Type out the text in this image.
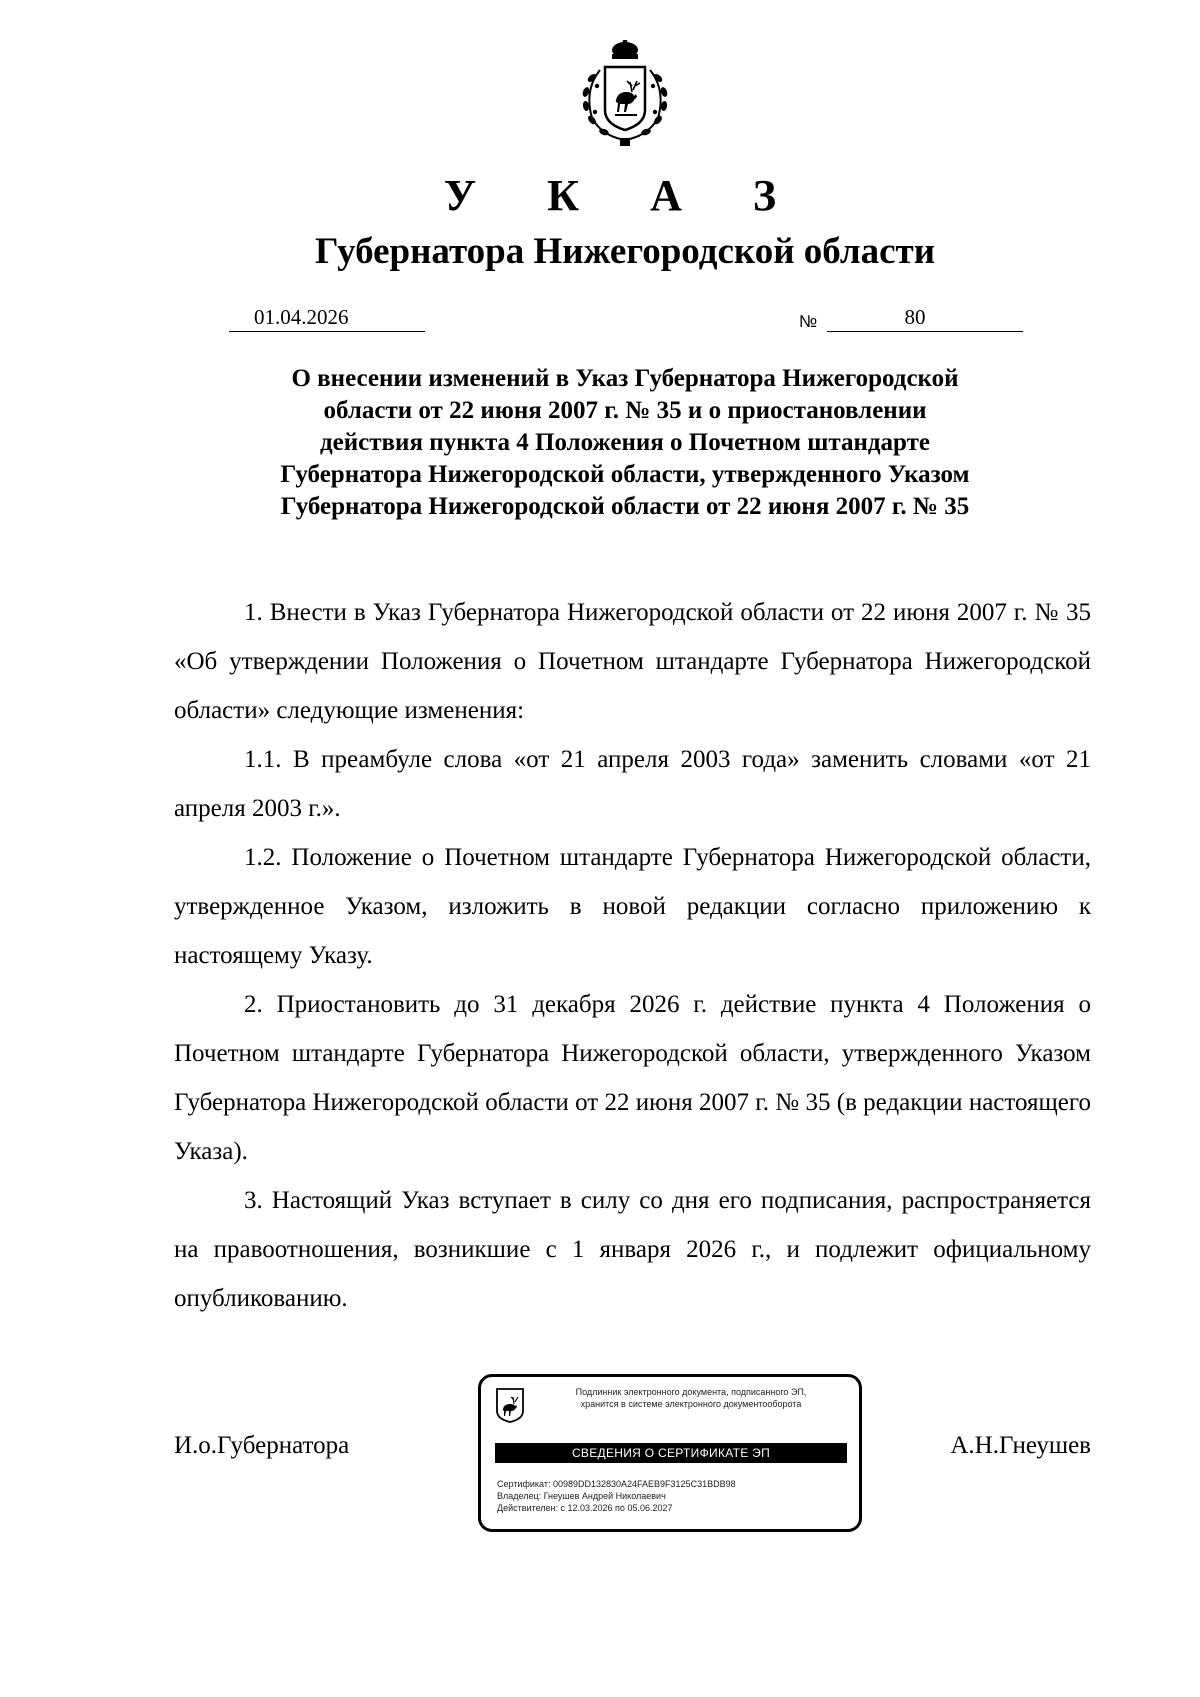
У К А З
Губернатора Нижегородской области
01.04.2026	№	80
О внесении изменений в Указ Губернатора Нижегородской
области от 22 июня 2007 г. № 35 и о приостановлении
действия пункта 4 Положения о Почетном штандарте
Губернатора Нижегородской области, утвержденного Указом
Губернатора Нижегородской области от 22 июня 2007 г. № 35

1. Внести в Указ Губернатора Нижегородской области от 22 июня 2007 г. № 35 «Об утверждении Положения о Почетном штандарте Губернатора Нижегородской области» следующие изменения:

1.1. В преамбуле слова «от 21 апреля 2003 года» заменить словами «от 21 апреля 2003 г.».

1.2. Положение о Почетном штандарте Губернатора Нижегородской области, утвержденное Указом, изложить в новой редакции согласно приложению к настоящему Указу.

2. Приостановить до 31 декабря 2026 г. действие пункта 4 Положения о Почетном штандарте Губернатора Нижегородской области, утвержденного Указом Губернатора Нижегородской области от 22 июня 2007 г. № 35 (в редакции настоящего Указа).

3. Настоящий Указ вступает в силу со дня его подписания, распространяется на правоотношения, возникшие с 1 января 2026 г., и подлежит официальному опубликованию.

И.о.Губернатора
Подлинник электронного документа, подписанного ЭП,
хранится в системе электронного документооборота
СВЕДЕНИЯ О СЕРТИФИКАТЕ ЭП
Сертификат: 00989DD132830A24FAEB9F3125C31BDB98
Владелец: Гнеушев Андрей Николаевич
Действителен: с 12.03.2026 по 05.06.2027
А.Н.Гнеушев
